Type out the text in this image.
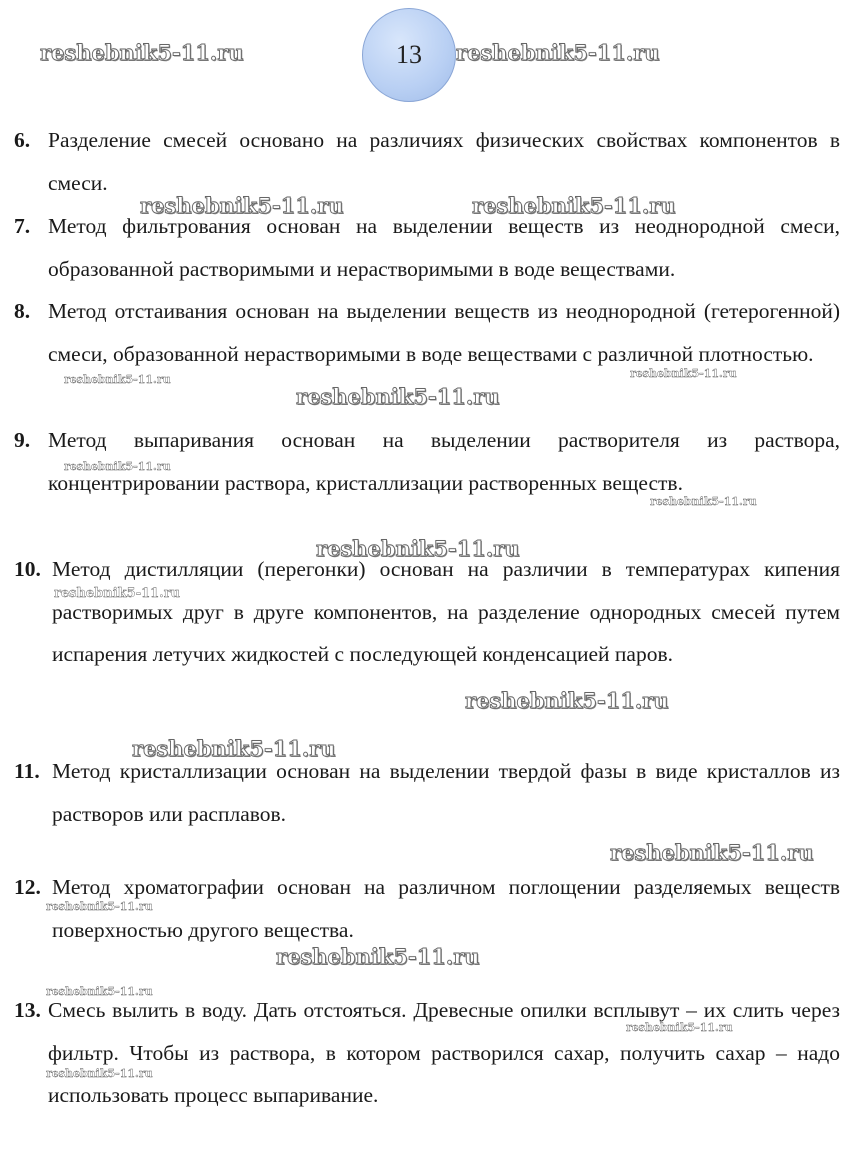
13
6. Разделение смесей основано на различиях физических свойствах компонентов в смеси.
7. Метод фильтрования основан на выделении веществ из неоднородной смеси, образованной растворимыми и нерастворимыми в воде веществами.
8. Метод отстаивания основан на выделении веществ из неоднородной (гетерогенной) смеси, образованной нерастворимыми в воде веществами с различной плотностью.
9. Метод выпаривания основан на выделении растворителя из раствора, концентрировании раствора, кристаллизации растворенных веществ.
10. Метод дистилляции (перегонки) основан на различии в температурах кипения растворимых друг в друге компонентов, на разделение однородных смесей путем испарения летучих жидкостей с последующей конденсацией паров.
11. Метод кристаллизации основан на выделении твердой фазы в виде кристаллов из растворов или расплавов.
12. Метод хроматографии основан на различном поглощении разделяемых веществ поверхностью другого вещества.
13. Смесь вылить в воду. Дать отстояться. Древесные опилки всплывут – их слить через фильтр. Чтобы из раствора, в котором растворился сахар, получить сахар – надо использовать процесс выпаривание.
reshebnik5-11.ru	reshebnik5-11.ru
reshebnik5-11.ru	reshebnik5-11.ru
reshebnik5-11.ru	reshebnik5-11.ru
reshebnik5-11.ru
reshebnik5-11.ru
reshebnik5-11.ru
reshebnik5-11.ru
reshebnik5-11.ru
reshebnik5-11.ru
reshebnik5-11.ru
reshebnik5-11.ru
reshebnik5-11.ru
reshebnik5-11.ru
reshebnik5-11.ru
reshebnik5-11.ru
reshebnik5-11.ru
